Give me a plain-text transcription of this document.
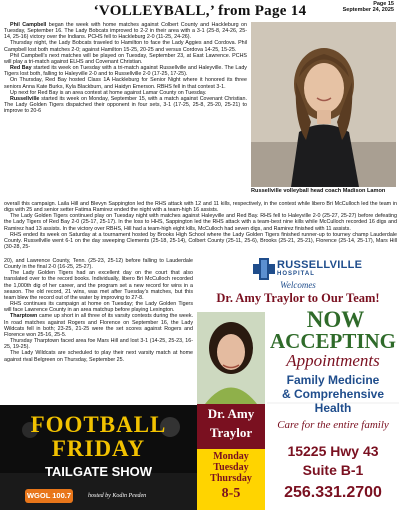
Page 15
September 24, 2025
‘VOLLEYBALL,’ from Page 14

Phil Campbell began the week with home matches against Colbert County and Hackleburg on Tuesday, September 16. The Lady Bobcats improved to 2-2 in their area with a 3-1 (25-8, 24-26, 25-14, 25-16) victory over the Indians. PCHS fell to Hackleburg 2-0 (11-25, 24-26).

Thursday night, the Lady Bobcats traveled to Hamilton to face the Lady Aggies and Cordova. Phil Campbell lost both matches 2-0; against Hamilton 15-25, 20-25 and versus Cordova 14-25, 15-25.

Phil Campbell’s next matches will be played on Tuesday, September 23, at East Lawrence. PCHS will play a tri-match against ELHS and Covenant Christian.

Red Bay started its week on Tuesday with a tri-match against Russellville and Haleyville. The Lady Tigers lost both, falling to Haleyville 2-0 and to Russellville 2-0 (17-25, 17-25).

On Thursday, Red Bay hosted Class 1A Hackleburg for Senior Night where it honored its three seniors Anna Kate Burks, Kyla Blackburn, and Haidyn Emerson. RBHS fell in that contest 3-1.

Up next for Red Bay is an area contest at home against Lamar County on Tuesday.

Russellville started its week on Monday, September 15, with a match against Covenant Christian. The Lady Golden Tigers dispatched their opponent in four sets, 3-1 (17-25, 25-8, 25-20, 25-21) to improve to 20-6

Russellville volleyball head coach Madison Lamon

overall this campaign. Laila Hill and Blevyn Sappington led the RHS attack with 12 and 11 kills, respectively, in the contest while libero Bri McCulloch led the team in digs with 25 and senior setter Fatima Ramirez ended the night with a team-high 16 assists.

The Lady Golden Tigers continued play on Tuesday night with matches against Haleyville and Red Bay. RHS fell to Haleyville 2-0 (25-27, 25-27) before defeating the Lady Tigers of Red Bay 2-0 (25-17, 25-17). In the loss to HHS, Sappington led the RHS attack with a team-best nine kills while McCulloch recorded 16 digs and Ramirez had 13 assists. In the victory over RBHS, Hill had a team-high eight kills, McCulloch had seven digs, and Ramirez finished with 11 assists.

RHS ended its week on Saturday at a tournament hosted by Brooks High School where the Lady Golden Tigers finished runner-up to tourney champ Lauderdale County. Russellville went 6-1 on the day sweeping Clements (25-18, 25-14), Colbert County (25-11, 25-6), Brooks (25-21, 25-21), Florence (25-14, 25-17), Mars Hill (30-28, 25-

20), and Lawrence County, Tenn. (25-23, 25-12) before falling to Lauderdale County in the final 2-0 (16-25, 25-27).

The Lady Golden Tigers had an excellent day on the court that also translated over to the record books. Individually, libero Bri McCulloch recorded the 1,000th dig of her career, and the program set a new record for wins in a season. The old record, 21 wins, was met after Tuesday’s matches, but this team blew the record out of the water by improving to 27-8.

RHS continues its campaign at home on Tuesday; the Lady Golden Tigers will face Lawrence County in an area matchup before playing Lexington.

Tharptown came up short in all three of its varsity contests during the week. In road matches against Rogers and Florence on September 16, the Lady Wildcats fell in both; 23-25, 21-25 were the set scores against Rogers and Florence won 25-16, 25-5.

Thursday Tharptown faced area foe Mars Hill and lost 3-1 (14-25, 25-23, 16-25, 19-25).

The Lady Wildcats are scheduled to play their next varsity match at home against rival Belgreen on Thursday, September 25.

RUSSELLVILLE
HOSPITAL
Welcomes
Dr. Amy Traylor to Our Team!
NOW
ACCEPTING
Appointments
Family Medicine
& Comprehensive
Health
Care for the entire family
Dr. Amy
Traylor
Monday
Tuesday
Thursday
8-5
15225 Hwy 43
Suite B-1
256.331.2700
FOOTBALL
FRIDAY
TAILGATE SHOW
WGOL 100.7	hosted by Kodin Peeden
